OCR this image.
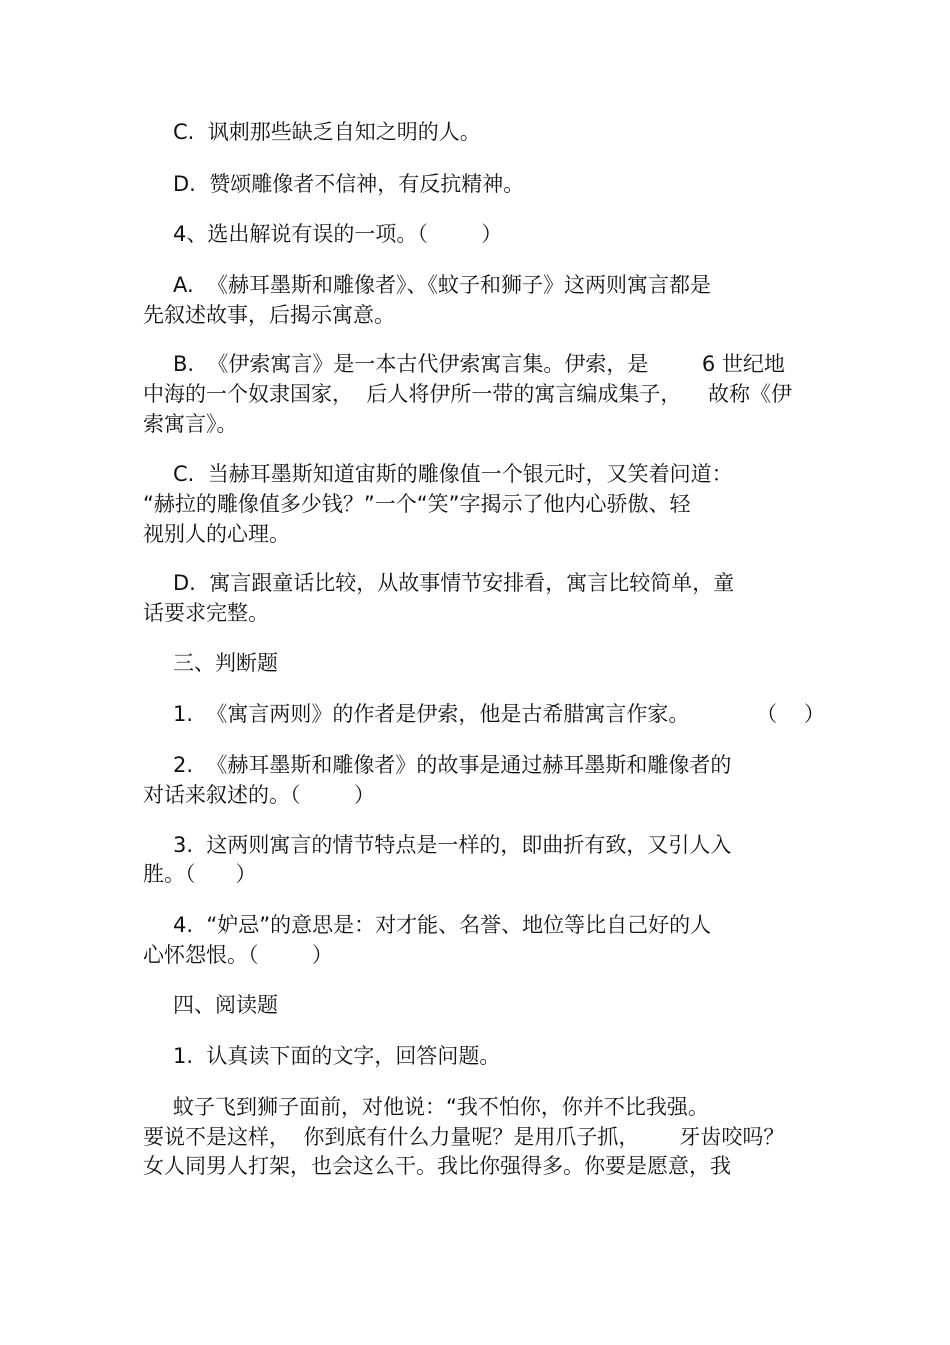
C.  讽刺那些缺乏自知之明的人。
D.  赞颂雕像者不信神，有反抗精神。
4、选出解说有误的一项。（        ）
A.  《赫耳墨斯和雕像者》、《蚊子和狮子》这两则寓言都是
先叙述故事，后揭示寓意。
B.  《伊索寓言》是一本古代伊索寓言集。伊索，是        6 世纪地
中海的一个奴隶国家，  后人将伊所一带的寓言编成集子，    故称《伊
索寓言》。
C.  当赫耳墨斯知道宙斯的雕像值一个银元时，又笑着问道：
“赫拉的雕像值多少钱？”一个“笑”字揭示了他内心骄傲、轻
视别人的心理。
D.  寓言跟童话比较，从故事情节安排看，寓言比较简单，童
话要求完整。
三、判断题
1.  《寓言两则》的作者是伊索，他是古希腊寓言作家。          （    ）
2.  《赫耳墨斯和雕像者》的故事是通过赫耳墨斯和雕像者的
对话来叙述的。（        ）
3.  这两则寓言的情节特点是一样的，即曲折有致，又引人入
胜。（      ）
4.  “妒忌”的意思是：对才能、名誉、地位等比自己好的人
心怀怨恨。（        ）
四、阅读题
1.  认真读下面的文字，回答问题。
蚊子飞到狮子面前，对他说：“我不怕你，你并不比我强。
要说不是这样，  你到底有什么力量呢？是用爪子抓，      牙齿咬吗？
女人同男人打架，也会这么干。我比你强得多。你要是愿意，我
